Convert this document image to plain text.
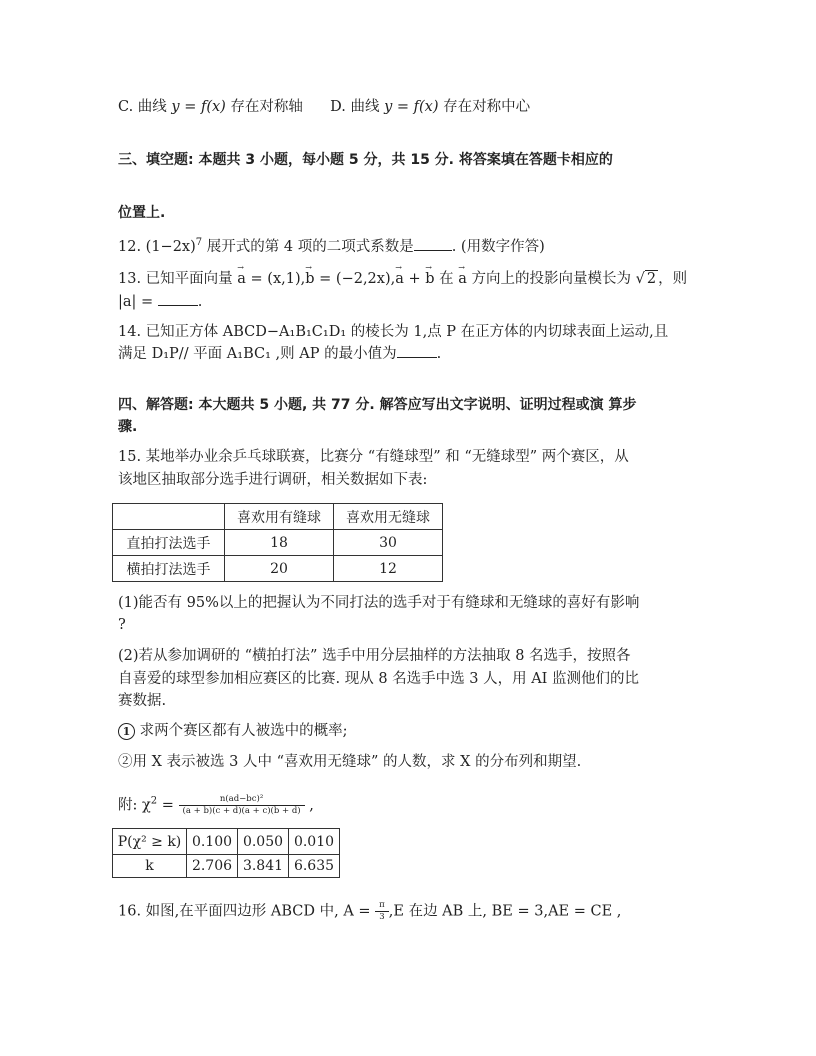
C. 曲线 y = f(x) 存在对称轴 D. 曲线 y = f(x) 存在对称中心
三、填空题: 本题共 3 小题，每小题 5 分，共 15 分. 将答案填在答题卡相应的
位置上.
12. $(1-2x)^7$ 展开式的第 4 项的二项式系数是	. (用数字作答)
13. 已知平面向量 → a = (x,1),→ b = (−2,2x),→ a + → b 在 → a 方向上的投影向量模长为 √ 2 ，则
|a| =	.
14. 已知正方体 ABCD−A₁B₁C₁D₁ 的棱长为 1,点 P 在正方体的内切球表面上运动,且
满足 D₁P// 平面 A₁BC₁ ,则 AP 的最小值为	.
四、解答题: 本大题共 5 小题, 共 77 分. 解答应写出文字说明、证明过程或演 算步
骤.
15. 某地举办业余乒乓球联赛，比赛分 “有缝球型” 和 “无缝球型” 两个赛区，从
该地区抽取部分选手进行调研，相关数据如下表:
	喜欢用有缝球	喜欢用无缝球
直拍打法选手	18	30
横拍打法选手	20	12
(1)能否有 95%以上的把握认为不同打法的选手对于有缝球和无缝球的喜好有影响
?
(2)若从参加调研的 “横拍打法” 选手中用分层抽样的方法抽取 8 名选手，按照各
自喜爱的球型参加相应赛区的比赛. 现从 8 名选手中选 3 人，用 AI 监测他们的比
赛数据.
1 求两个赛区都有人被选中的概率;
②用 X 表示被选 3 人中 “喜欢用无缝球” 的人数，求 X 的分布列和期望.
附: $\chi^2 = \frac{\text{n(ad−bc)²}}{(a + b)(c + d)(a + c)(b + d)}$ ,
P(χ² ≥ k)	0.100	0.050	0.010
k	2.706	3.841	6.635
16. 如图,在平面四边形 ABCD 中, $A = \frac{\pi}{3} ,E$ 在边 AB 上, BE = 3,AE = CE ,
